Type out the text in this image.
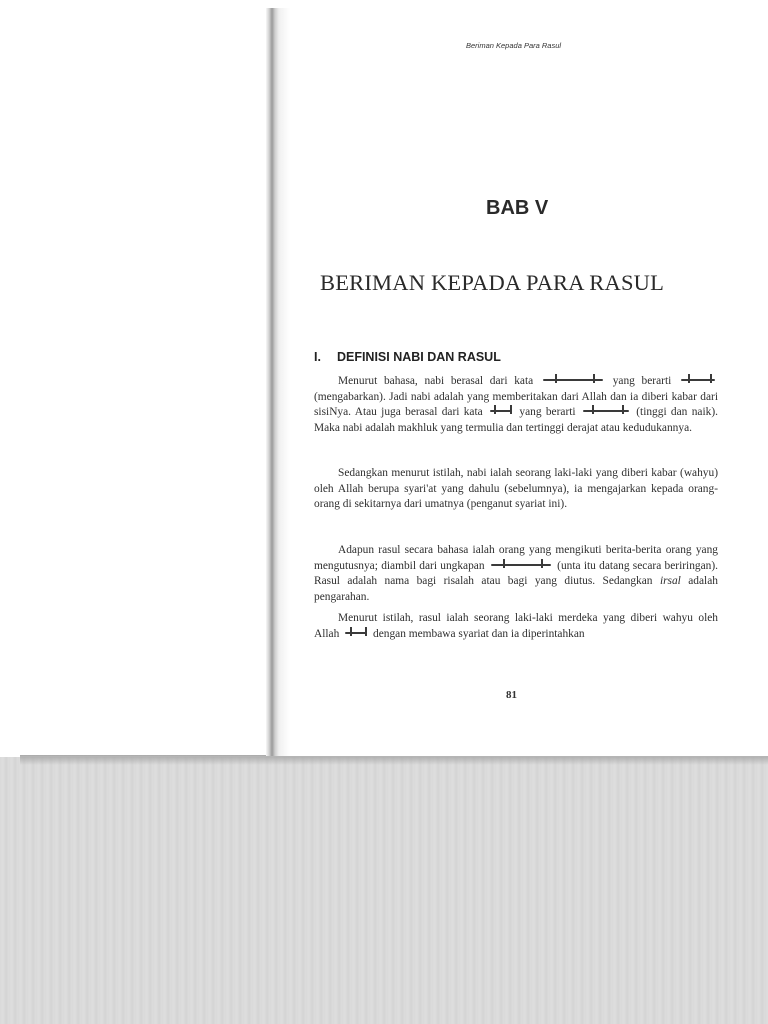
Beriman Kepada Para Rasul
BAB V
BERIMAN KEPADA PARA RASUL
I. DEFINISI NABI DAN RASUL

Menurut bahasa, nabi berasal dari kata	yang berarti  (mengabarkan). Jadi nabi adalah yang memberitakan dari Allah dan ia diberi kabar dari sisiNya. Atau juga berasal dari kata	yang berarti	(tinggi dan naik). Maka nabi adalah makhluk yang termulia dan tertinggi derajat atau kedudukannya.

Sedangkan menurut istilah, nabi ialah seorang laki-laki yang diberi kabar (wahyu) oleh Allah berupa syari'at yang dahulu (sebelumnya), ia mengajarkan kepada orang-orang di sekitarnya dari umatnya (penganut syariat ini).

Adapun rasul secara bahasa ialah orang yang mengikuti berita-berita orang yang mengutusnya; diambil dari ungkapan	(unta itu datang secara beriringan). Rasul adalah nama bagi risalah atau bagi yang diutus. Sedangkan irsal adalah pengarahan.

Menurut istilah, rasul ialah seorang laki-laki merdeka yang diberi wahyu oleh Allah	dengan membawa syariat dan ia diperintahkan

81
